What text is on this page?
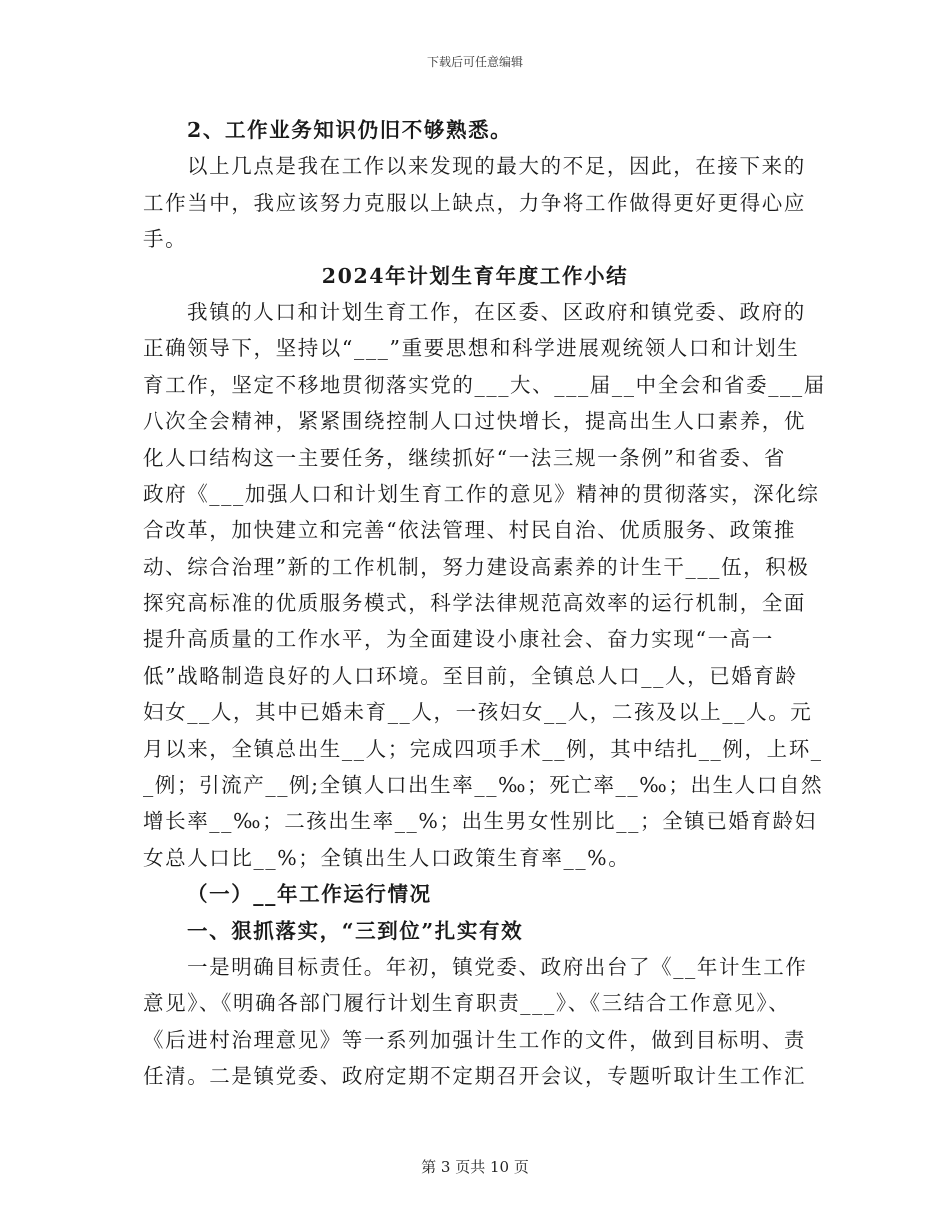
下载后可任意编辑
2、工作业务知识仍旧不够熟悉。
以上几点是我在工作以来发现的最大的不足，因此，在接下来的
工作当中，我应该努力克服以上缺点，力争将工作做得更好更得心应
手。
2024年计划生育年度工作小结
我镇的人口和计划生育工作，在区委、区政府和镇党委、政府的
正确领导下，坚持以“___”重要思想和科学进展观统领人口和计划生
育工作，坚定不移地贯彻落实党的___大、___届__中全会和省委___届
八次全会精神，紧紧围绕控制人口过快增长，提高出生人口素养，优
化人口结构这一主要任务，继续抓好“一法三规一条例”和省委、省
政府《___加强人口和计划生育工作的意见》精神的贯彻落实，深化综
合改革，加快建立和完善“依法管理、村民自治、优质服务、政策推
动、综合治理”新的工作机制，努力建设高素养的计生干___伍，积极
探究高标准的优质服务模式，科学法律规范高效率的运行机制，全面
提升高质量的工作水平，为全面建设小康社会、奋力实现“一高一
低”战略制造良好的人口环境。至目前，全镇总人口__人，已婚育龄
妇女__人，其中已婚未育__人，一孩妇女__人，二孩及以上__人。元
月以来，全镇总出生__人；完成四项手术__例，其中结扎__例，上环_
_例；引流产__例;全镇人口出生率__‰；死亡率__‰；出生人口自然
增长率__‰；二孩出生率__%；出生男女性别比__；全镇已婚育龄妇
女总人口比__%；全镇出生人口政策生育率__%。
（一）__年工作运行情况
一、狠抓落实，“三到位”扎实有效
一是明确目标责任。年初，镇党委、政府出台了《__年计生工作
意见》、《明确各部门履行计划生育职责___》、《三结合工作意见》、
《后进村治理意见》等一系列加强计生工作的文件，做到目标明、责
任清。二是镇党委、政府定期不定期召开会议，专题听取计生工作汇
第 3 页共 10 页
